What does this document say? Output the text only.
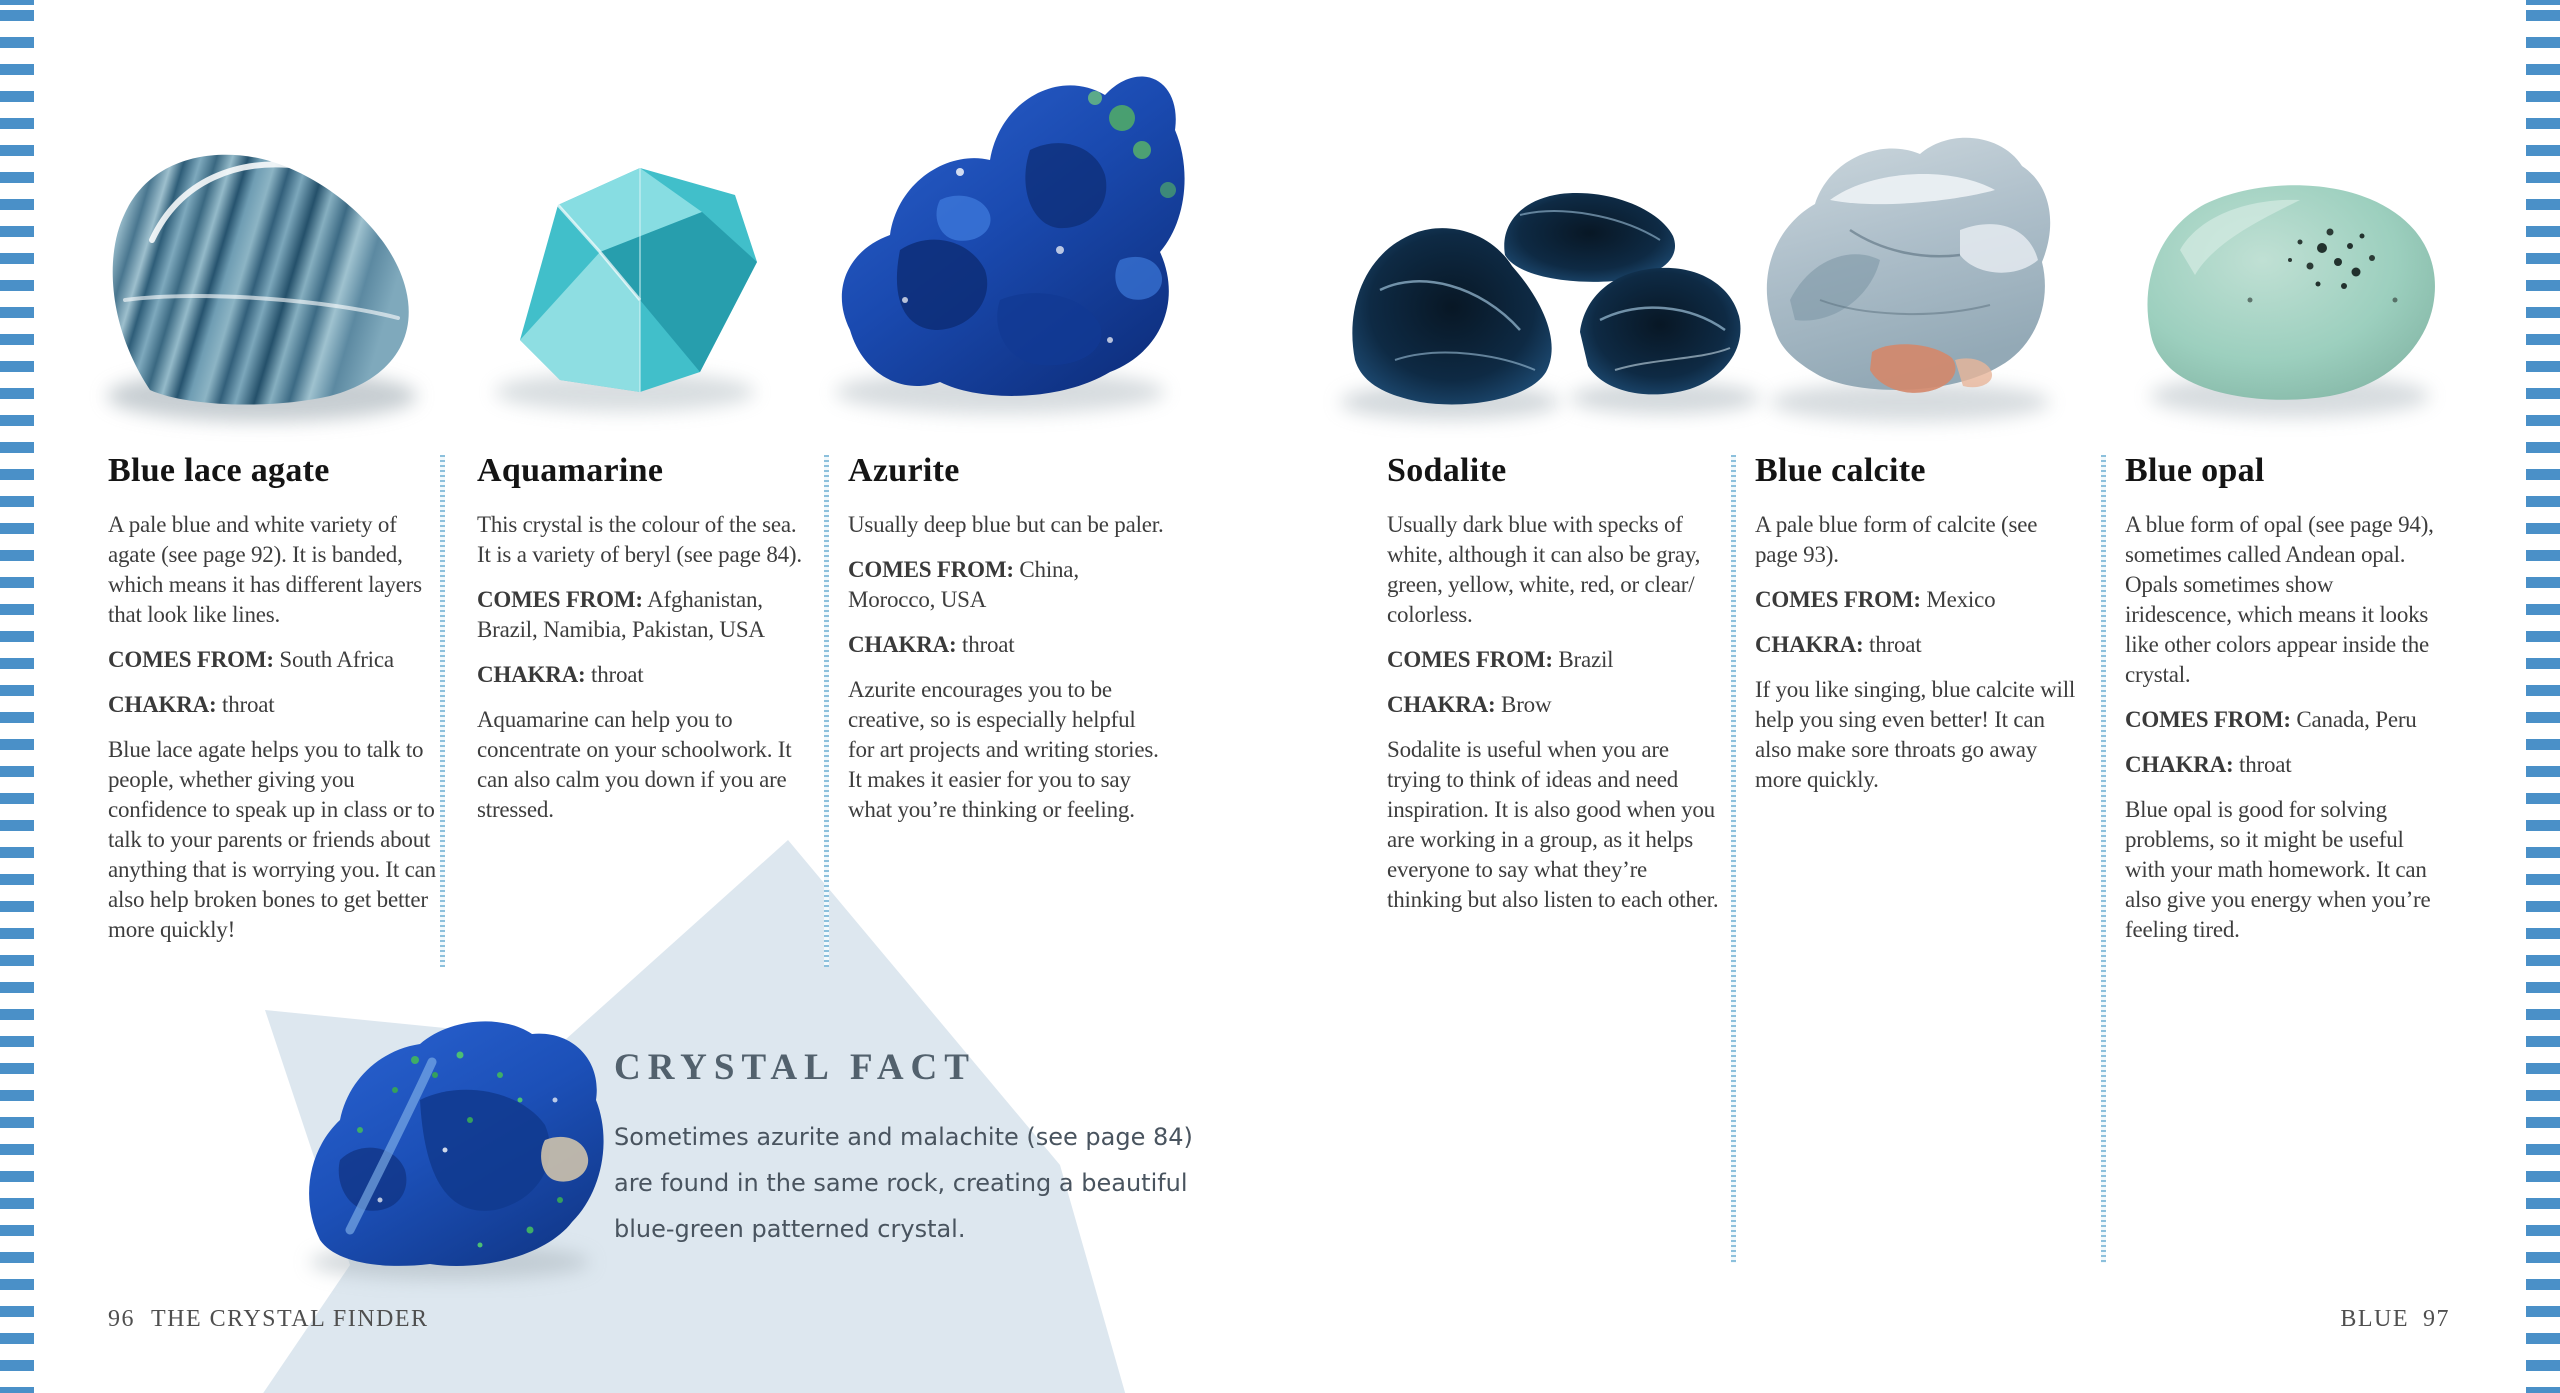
Blue lace agate

A pale blue and white variety of agate (see page 92). It is banded, which means it has different layers that look like lines.

COMES FROM: South Africa

CHAKRA: throat

Blue lace agate helps you to talk to people, whether giving you confidence to speak up in class or to talk to your parents or friends about anything that is worrying you. It can also help broken bones to get better more quickly!

Aquamarine

This crystal is the colour of the sea. It is a variety of beryl (see page 84).

COMES FROM: Afghanistan, Brazil, Namibia, Pakistan, USA

CHAKRA: throat

Aquamarine can help you to concentrate on your schoolwork. It can also calm you down if you are stressed.

Azurite

Usually deep blue but can be paler.

COMES FROM: China, Morocco, USA

CHAKRA: throat

Azurite encourages you to be creative, so is especially helpful for art projects and writing stories. It makes it easier for you to say what you’re thinking or feeling.

Sodalite

Usually dark blue with specks of white, although it can also be gray, green, yellow, white, red, or clear/ colorless.

COMES FROM: Brazil

CHAKRA: Brow

Sodalite is useful when you are trying to think of ideas and need inspiration. It is also good when you are working in a group, as it helps everyone to say what they’re thinking but also listen to each other.

Blue calcite

A pale blue form of calcite (see page 93).

COMES FROM: Mexico

CHAKRA: throat

If you like singing, blue calcite will help you sing even better! It can also make sore throats go away more quickly.

Blue opal

A blue form of opal (see page 94), sometimes called Andean opal. Opals sometimes show iridescence, which means it looks like other colors appear inside the crystal.

COMES FROM: Canada, Peru

CHAKRA: throat

Blue opal is good for solving problems, so it might be useful with your math homework. It can also give you energy when you’re feeling tired.

CRYSTAL FACT
Sometimes azurite and malachite (see page 84) are found in the same rock, creating a beautiful blue-green patterned crystal.
96 THE CRYSTAL FINDER	BLUE 97
